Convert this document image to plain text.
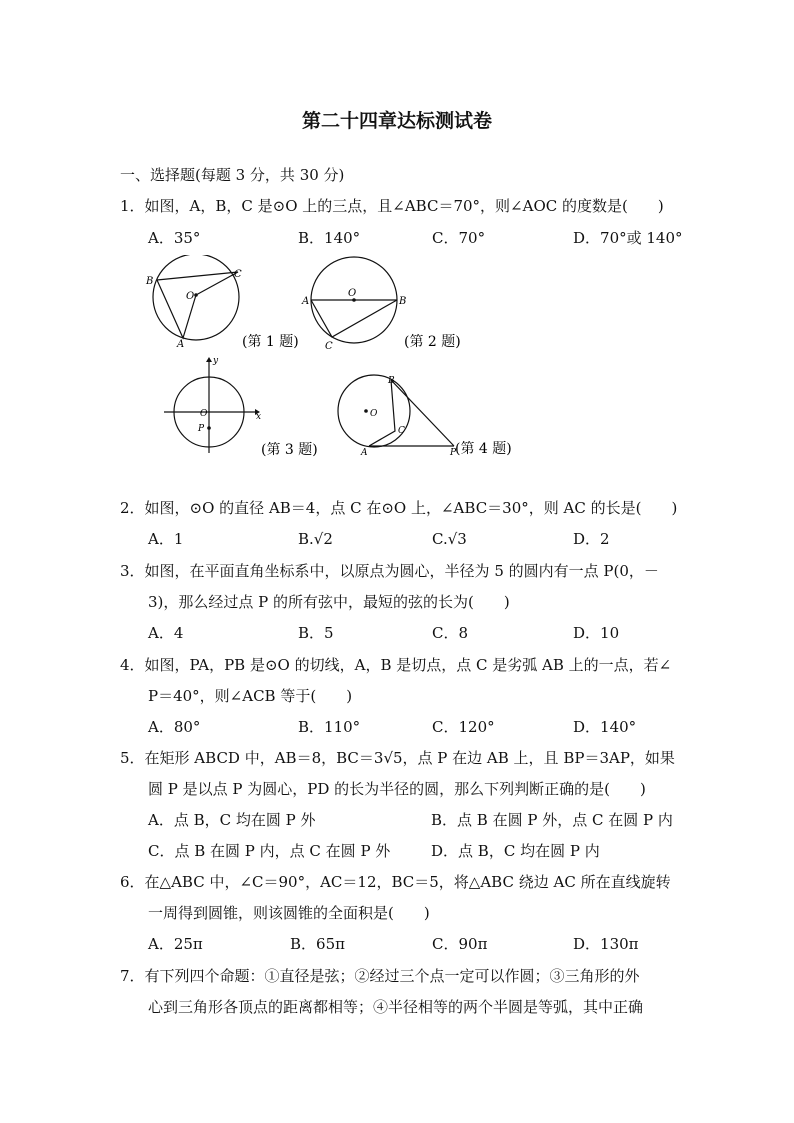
第二十四章达标测试卷
一、选择题(每题 3 分，共 30 分)
1．如图，A，B，C 是⊙O 上的三点，且∠ABC＝70°，则∠AOC 的度数是(　　)
A．35°	B．140°	C．70°	D．70°或 140°
B
C
O
A	(第 1 题)
A
O
B
C	(第 2 题)
x
y
O
P
(第 3 题)
O
B
C
A	P
(第 4 题)
2．如图，⊙O 的直径 AB＝4，点 C 在⊙O 上，∠ABC＝30°，则 AC 的长是(　　)
A．1	B.√2	C.√3	D．2
3．如图，在平面直角坐标系中，以原点为圆心，半径为 5 的圆内有一点 P(0，－
3)，那么经过点 P 的所有弦中，最短的弦的长为(　　)
A．4	B．5	C．8	D．10
4．如图，PA，PB 是⊙O 的切线，A，B 是切点，点 C 是劣弧 AB 上的一点，若∠
P＝40°，则∠ACB 等于(　　)
A．80°	B．110°	C．120°	D．140°
5．在矩形 ABCD 中，AB＝8，BC＝3√5，点 P 在边 AB 上，且 BP＝3AP，如果
圆 P 是以点 P 为圆心，PD 的长为半径的圆，那么下列判断正确的是(　　)
A．点 B，C 均在圆 P 外	B．点 B 在圆 P 外，点 C 在圆 P 内
C．点 B 在圆 P 内，点 C 在圆 P 外	D．点 B，C 均在圆 P 内
6．在△ABC 中，∠C＝90°，AC＝12，BC＝5，将△ABC 绕边 AC 所在直线旋转
一周得到圆锥，则该圆锥的全面积是(　　)
A．25π	B．65π	C．90π	D．130π
7．有下列四个命题：①直径是弦；②经过三个点一定可以作圆；③三角形的外
心到三角形各顶点的距离都相等；④半径相等的两个半圆是等弧，其中正确
